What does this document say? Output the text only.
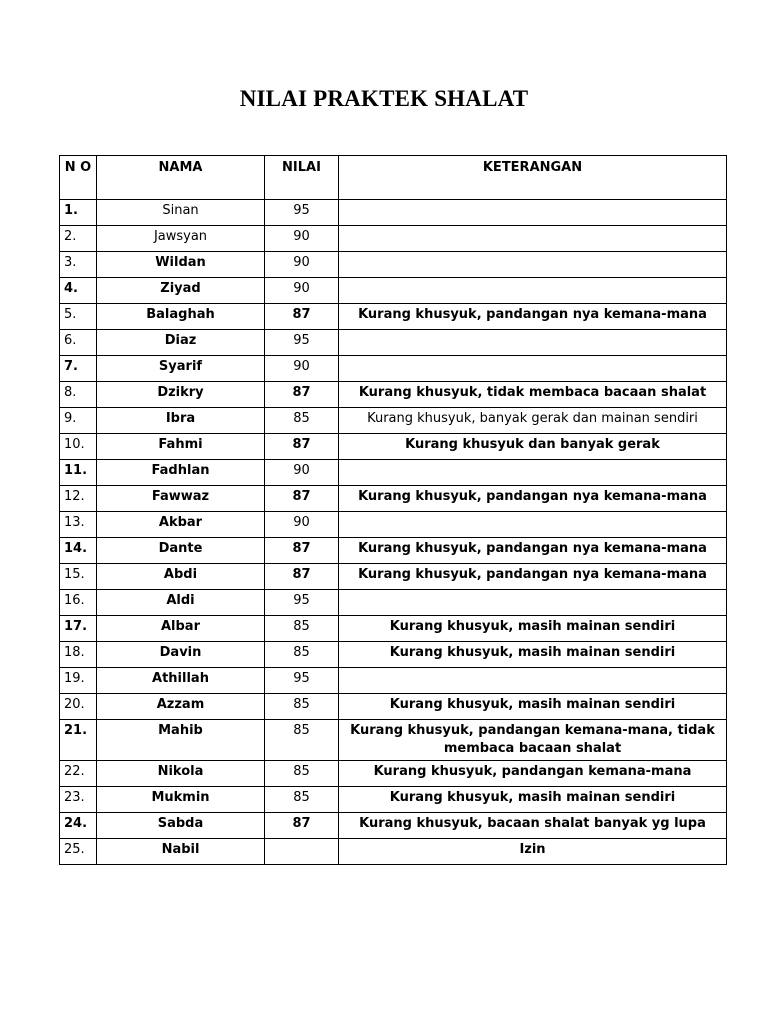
NILAI PRAKTEK SHALAT
N O	NAMA	NILAI	KETERANGAN
1.	Sinan	95	
2.	Jawsyan	90	
3.	Wildan	90	
4.	Ziyad	90	
5.	Balaghah	87	Kurang khusyuk, pandangan nya kemana-mana
6.	Diaz	95	
7.	Syarif	90	
8.	Dzikry	87	Kurang khusyuk, tidak membaca bacaan shalat
9.	Ibra	85	Kurang khusyuk, banyak gerak dan mainan sendiri
10.	Fahmi	87	Kurang khusyuk dan banyak gerak
11.	Fadhlan	90	
12.	Fawwaz	87	Kurang khusyuk, pandangan nya kemana-mana
13.	Akbar	90	
14.	Dante	87	Kurang khusyuk, pandangan nya kemana-mana
15.	Abdi	87	Kurang khusyuk, pandangan nya kemana-mana
16.	Aldi	95	
17.	Albar	85	Kurang khusyuk, masih mainan sendiri
18.	Davin	85	Kurang khusyuk, masih mainan sendiri
19.	Athillah	95	
20.	Azzam	85	Kurang khusyuk, masih mainan sendiri
21.	Mahib	85	Kurang khusyuk, pandangan kemana-mana, tidak membaca bacaan shalat
22.	Nikola	85	Kurang khusyuk, pandangan kemana-mana
23.	Mukmin	85	Kurang khusyuk, masih mainan sendiri
24.	Sabda	87	Kurang khusyuk, bacaan shalat banyak yg lupa
25.	Nabil		Izin
